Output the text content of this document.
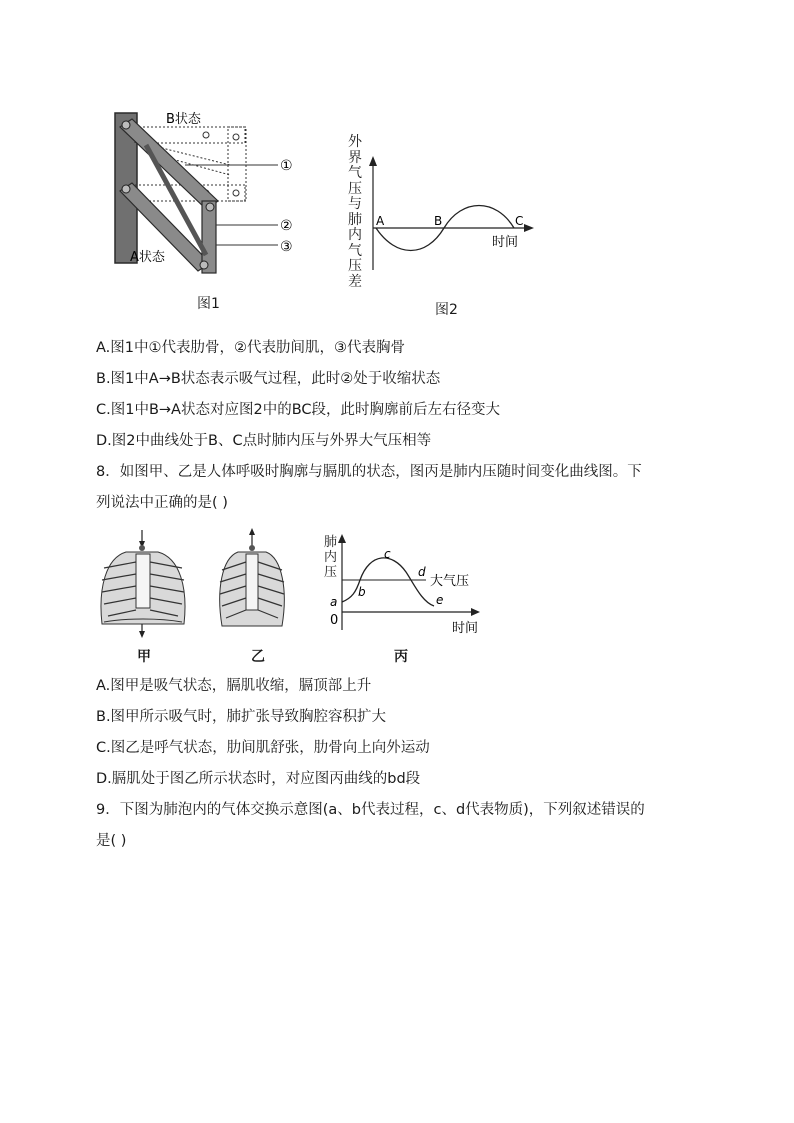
B状态
A状态
①
②
③
图1
A	B	C
时间
外界气压与肺内气压差
图2
A.图1中①代表肋骨，②代表肋间肌，③代表胸骨
B.图1中A→B状态表示吸气过程，此时②处于收缩状态
C.图1中B→A状态对应图2中的BC段，此时胸廓前后左右径变大
D.图2中曲线处于B、C点时肺内压与外界大气压相等
8．如图甲、乙是人体呼吸时胸廓与膈肌的状态，图丙是肺内压随时间变化曲线图。下
列说法中正确的是( )
0
时间
大气压
a
b
c
d
e
肺内压
甲	乙	丙
A.图甲是吸气状态，膈肌收缩，膈顶部上升
B.图甲所示吸气时，肺扩张导致胸腔容积扩大
C.图乙是呼气状态，肋间肌舒张，肋骨向上向外运动
D.膈肌处于图乙所示状态时，对应图丙曲线的bd段
9．下图为肺泡内的气体交换示意图(a、b代表过程，c、d代表物质)，下列叙述错误的
是( )
